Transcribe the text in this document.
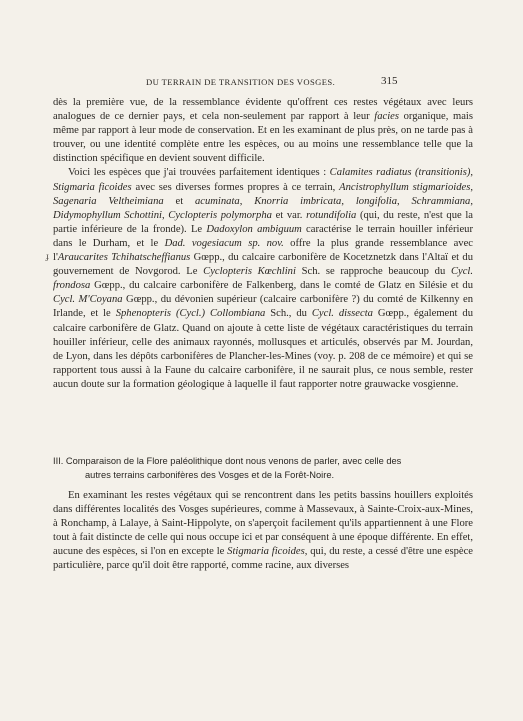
DU TERRAIN DE TRANSITION DES VOSGES.	315

dès la première vue, de la ressemblance évidente qu'offrent ces restes végétaux avec leurs analogues de ce dernier pays, et cela non-seulement par rapport à leur facies organique, mais même par rapport à leur mode de conservation. Et en les examinant de plus près, on ne tarde pas à trouver, ou une identité complète entre les espèces, ou au moins une ressemblance telle que la distinction spécifique en devient souvent difficile.

Voici les espèces que j'ai trouvées parfaitement identiques : Calamites radiatus (transitionis), Stigmaria ficoides avec ses diverses formes propres à ce terrain, Ancistrophyllum stigmarioides, Sagenaria Veltheimiana et acuminata, Knorria imbricata, longifolia, Schrammiana, Didymophyllum Schottini, Cyclopteris polymorpha et var. rotundifolia (qui, du reste, n'est que la partie inférieure de la fronde). Le Dadoxylon ambiguum caractérise le terrain houiller inférieur dans le Durham, et le Dad. vogesiacum sp. nov. offre la plus grande ressemblance avec l'Araucarites Tchihatscheffianus Gœpp., du calcaire carbonifère de Kocetznetzk dans l'Altaï et du gouvernement de Novgorod. Le Cyclopteris Kœchlini Sch. se rapproche beaucoup du Cycl. frondosa Gœpp., du calcaire carbonifère de Falkenberg, dans le comté de Glatz en Silésie et du Cycl. M'Coyana Gœpp., du dévonien supérieur (calcaire carbonifère ?) du comté de Kilkenny en Irlande, et le Sphenopteris (Cycl.) Collombiana Sch., du Cycl. dissecta Gœpp., également du calcaire carbonifère de Glatz. Quand on ajoute à cette liste de végétaux caractéristiques du terrain houiller inférieur, celle des animaux rayonnés, mollusques et articulés, observés par M. Jourdan, de Lyon, dans les dépôts carbonifères de Plancher-les-Mines (voy. p. 208 de ce mémoire) et qui se rapportent tous aussi à la Faune du calcaire carbonifère, il ne saurait plus, ce nous semble, rester aucun doute sur la formation géologique à laquelle il faut rapporter notre grauwacke vosgienne.

ɟ
III. Comparaison de la Flore paléolithique dont nous venons de parler, avec celle des
autres terrains carbonifères des Vosges et de la Forêt-Noire.

En examinant les restes végétaux qui se rencontrent dans les petits bassins houillers exploités dans différentes localités des Vosges supérieures, comme à Massevaux, à Sainte-Croix-aux-Mines, à Ronchamp, à Lalaye, à Saint-Hippolyte, on s'aperçoit facilement qu'ils appartiennent à une Flore tout à fait distincte de celle qui nous occupe ici et par conséquent à une époque différente. En effet, aucune des espèces, si l'on en excepte le Stigmaria ficoides, qui, du reste, a cessé d'être une espèce particulière, parce qu'il doit être rapporté, comme racine, aux diverses
